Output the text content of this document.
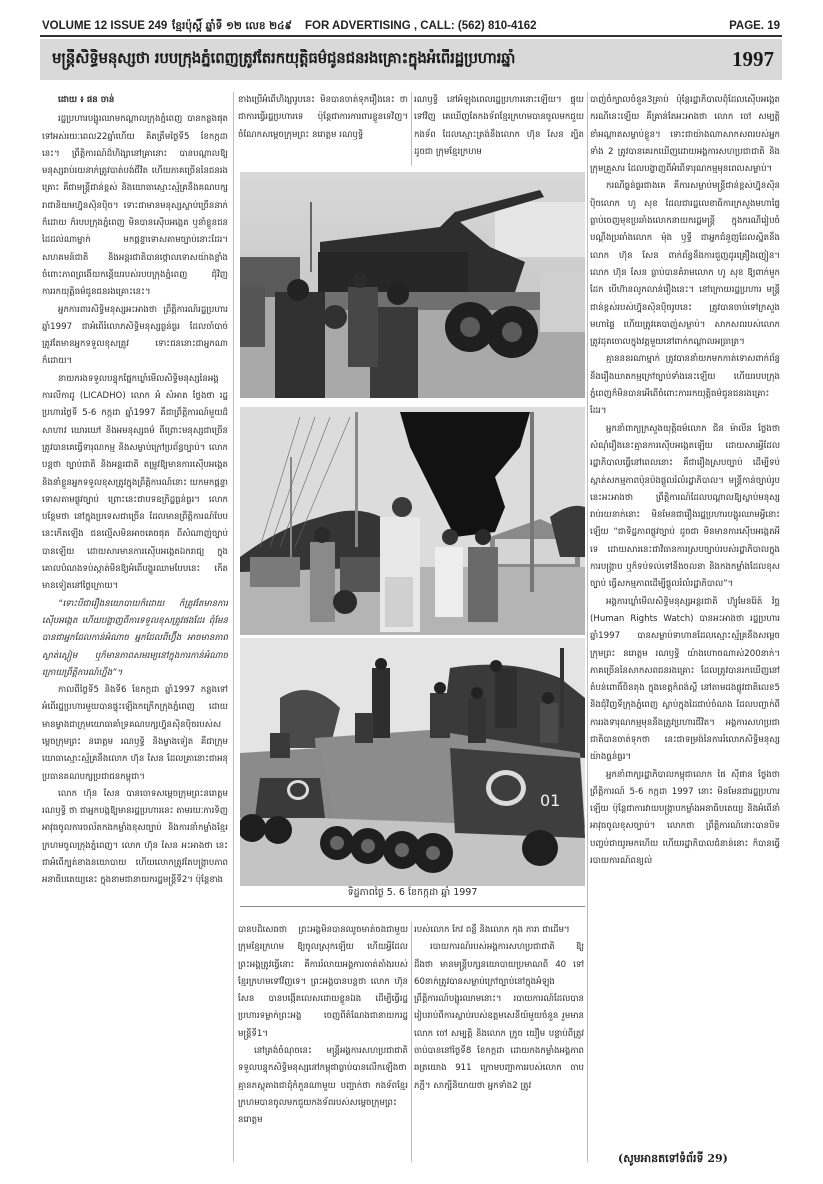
VOLUME 12 ISSUE 249 ខ្មែរប៉ុស្តិ៍ ឆ្នាំទី ១២ លេខ ២៤៩ FOR ADVERTISING , CALL: (562) 810-4162	PAGE. 19
មន្ត្រីសិទ្ធិមនុស្សថា របបក្រុងភ្នំពេញត្រូវតែរកយុត្តិធម៌ជូនជនរងគ្រោះក្នុងអំពើរដ្ឋប្រហារឆ្នាំ	1997

ដោយ ៖ ផន ចាន់

រដ្ឋប្រហារបង្ហូរឈាមកណ្តាលក្រុងភ្នំពេញ បានកន្លងផុតទៅអស់រយៈពេល22ឆ្នាំហើយ គិតត្រឹមថ្ងៃទី5 ខែកក្កដានេះ។ ព្រឹត្តិការណ៍ដ៏ហិង្សានៅគ្រានោះ បានបណ្តាលឱ្យមនុស្សរាប់រយនាក់ត្រូវបាត់បង់ជីវិត ហើយភាគច្រើននៃជនរងគ្រោះ គឺជាមន្ត្រីជាន់ខ្ពស់ និងយោធាស្មោះស្ម័គ្រនឹងគណបក្សរាជានិយមហ្វ៊ុនស៊ិនប៉ិច។ ទោះជាមានមនុស្សស្លាប់ច្រើននាក់ក៏ដោយ ក៏របបក្រុងភ្នំពេញ មិនបានស៊ើបអង្កេត ឬនាំខ្លួនជនដៃដល់ណាម្នាក់ មកផ្តន្ទាទោសតាមច្បាប់នោះដែរ។ សហគមន៍ជាតិ និងអន្តរជាតិបានថ្កោលទោសយ៉ាងខ្លាំងចំពោះភាពព្រងើយកន្តើយរបស់របបក្រុងភ្នំពេញ ជុំវិញការរកយុត្តិធម៌ជូនជនរងគ្រោះនេះ។

អ្នកការពារសិទ្ធិមនុស្សអះអាងថា ព្រឹត្តិការណ៍រដ្ឋប្រហារឆ្នាំ1997 ជាអំពើរំលោភសិទ្ធិមនុស្សធ្ងន់ធ្ងរ ដែលចាំបាច់ត្រូវតែមានអ្នកទទួលខុសត្រូវ ទោះជននោះជាអ្នកណាក៏ដោយ។

នាយករងទទួលបន្ទុកផ្នែកឃ្លាំមើលសិទ្ធិមនុស្សនៃអង្គការលីកាដូ (LICADHO) លោក អំ សំអាត ថ្លែងថា រដ្ឋប្រហារថ្ងៃទី 5-6 កក្កដា ឆ្នាំ1997 គឺជាព្រឹត្តិការណ៍មួយដ៏សាហាវ ឃោរឃៅ និងអមនុស្សធម៌ ពីព្រោះមនុស្សជាច្រើនត្រូវបានគេធ្វើទារុណកម្ម និងសម្លាប់ក្រៅប្រព័ន្ធច្បាប់។ លោកបន្តថា ច្បាប់ជាតិ និងអន្តរជាតិ តម្រូវឱ្យមានការស៊ើបអង្កេត និងនាំខ្លួនអ្នកទទួលខុសត្រូវក្នុងព្រឹត្តិការណ៍នោះ យកមកផ្តន្ទាទោសតាមផ្លូវច្បាប់ ព្រោះនេះជាបទឧក្រិដ្ឋធ្ងន់ធ្ងរ។ លោកបន្ថែមថា នៅក្នុងប្រទេសជាច្រើន ដែលមានព្រឹត្តិការណ៍បែបនេះកើតឡើង ជនល្មើសមិនអាចគេចផុត ពីសំណាញ់ច្បាប់បានឡើយ ដោយសារមានការស៊ើបអង្កេតឯករាជ្យ ក្នុងគោលបំណងទប់ស្កាត់មិនឱ្យអំពើបង្ហូរឈាមបែបនេះ កើតមានទៀតនៅថ្ងៃក្រោយ។

“ទោះបីជារឿងនយោបាយក៏ដោយ ក៏ត្រូវតែមានការស៊ើបអង្កេត ហើយបង្ហាញពីការទទួលខុសត្រូវផងដែរ ពុំមែនបានជាអ្នកដែលកាន់អំណាច អ្នកដែលពីហ្វ៊ឹង អាចមានភាពស្ងាត់ស្ងៀម ឬក៏មានភាពសមរម្យនៅក្នុងការកាន់អំណាចក្រោយព្រឹត្តិការណ៍ហ្នឹង”។

កាលពីថ្ងៃទី5 និងទី6 ខែកក្កដា ឆ្នាំ1997 កន្លងទៅ អំពើរដ្ឋប្រហារមួយបានផ្ទុះឡើងកក្រើកក្រុងភ្នំពេញ ដោយមានម្ខាងជាក្រុមយោធាគាំទ្រគណបក្សហ្វ៊ុនស៊ិនប៉ិចរបស់សម្តេចក្រុមព្រះ នរោត្តម រណឫទ្ធិ និងម្ខាងទៀត គឺជាក្រុមយោធាស្មោះស្ម័គ្រនឹងលោក ហ៊ុន សែន ដែលគ្រានោះជាអនុប្រធានគណបក្សប្រជាជនកម្ពុជា។

លោក ហ៊ុន សែន បានចោទសម្តេចក្រុមព្រះនរោត្តម រណឫទ្ធិ ថា ជាអ្នកបង្កឱ្យមានរដ្ឋប្រហារនេះ តាមរយៈការទិញអាវុធចូលការចល័តកងកម្លាំងខុសច្បាប់ និងការនាំកម្លាំងខ្មែរក្រហមចូលក្រុងភ្នំពេញ។ លោក ហ៊ុន សែន អះអាងថា នេះជាអំពើក្បត់ខាងនយោបាយ ហើយលោកត្រូវតែបង្ក្រាបភាពអនាធិបតេយ្យនេះ ក្នុងនាមជានាយករដ្ឋមន្ត្រីទី2។ ប៉ុន្តែខាង

ខាងប្រើអំពើហិង្សារូបនេះ មិនបានចាត់ទុករឿងនេះ ថាជាការធ្វើរដ្ឋប្រហារទេ ប៉ុន្តែជាការការពារខ្លួនទេវិញ។ ចំណែកសម្តេចក្រុមព្រះ នរោត្តម រណឫទ្ធិ

រណឫទ្ធិ នៅអំឡុងពេលរដ្ឋប្រហារនោះឡើយ។ ផ្ទុយទៅវិញ គេឃើញតែកងទ័ពខ្មែរក្រហមបានចូលមកជួយកងទ័ព ដែលស្មោះត្រង់នឹងលោក ហ៊ុន សែន ត្បិតដូចជា ក្រុមខ្មែរក្រហម

01
ទិដ្ឋភាពថ្ងៃ 5. 6 ខែកក្កដា ឆ្នាំ 1997

បានបដិសេធថា ព្រះអង្គមិនបានឈូចមាត់ចងជាមួយក្រុមខ្មែរក្រហម ឱ្យចូលស្រុកឡើយ ហើយអ្វីដែលព្រះអង្គត្រូវធ្វើនោះ គឺការរំលាយអង្គការចាត់តាំងរបស់ខ្មែរក្រហមទៅវិញទេ។ ព្រះអង្គបានបន្តថា លោក ហ៊ុន សែន បានបង្កើតលេសដោយខ្លួនឯង ដើម្បីធ្វើរដ្ឋប្រហារទម្លាក់ព្រះអង្គ ចេញពីតំណែងជានាយករដ្ឋមន្ត្រីទី1។

នៅត្រង់ចំណុចនេះ មន្ត្រីអង្គការសហប្រជាជាតិទទួលបន្ទុកសិទ្ធិមនុស្សនៅកម្ពុជាធ្លាប់បានលើកឡើងថា គ្មានភស្តុតាងជាដុំកំភួនណាមួយ បញ្ជាក់ថា កងទ័ពខ្មែរក្រហមបានចូលមកជួយកងទ័ពរបស់សម្តេចក្រុមព្រះ នរោត្តម

របស់លោក កែវ ពន្លឺ និងលោក កុង ភារា ជាដើម។

របាយការណ៍របស់អង្គការសហប្រជាជាតិ ឱ្យដឹងថា មានមន្ត្រីបក្សនយោបាយប្រមាណពី 40 ទៅ 60នាក់ត្រូវបានសម្លាប់ក្រៅច្បាប់នៅក្នុងអំឡុងព្រឹត្តិការណ៍បង្ហូរឈាមនោះ។ របាយការណ៍ដែលបានរៀបរាប់ពីការស្លាប់របស់ឧត្តមសេនីយ៍មួយចំនួន រួមមានលោក ចៅ សម្បត្តិ និងលោក ក្រូច យឿម បន្ទាប់ពីត្រូវចាប់បាននៅថ្ងៃទី8 ខែកក្កដា ដោយកងកម្លាំងអង្គភាពឆត្រយោង 911 ក្រោមបញ្ជាការរបស់លោក ចាប ភក្តី។ សាក្សីនិយាយថា អ្នកទាំង2 ត្រូវ

បាញ់ចំក្បាលចំនួន3គ្រាប់ ប៉ុន្តែរដ្ឋាភិបាលពុំដែលស៊ើបអង្កេតករណីនេះឡើយ គឺគ្រាន់តែអះអាងថា លោក ចៅ សម្បត្តិ ខាំអណ្តាតសម្លាប់ខ្លួន។ ទោះជាយ៉ាងណាសាកសពរបស់អ្នកទាំង 2 ត្រូវបានគេរកឃើញដោយអង្គការសហប្រជាជាតិ និងក្រុមគ្រួសារ ដែលបង្ហាញពីអំពើទារុណកម្មមុនពេលសម្លាប់។

ករណីធ្ងន់ធ្ងរជាងគេ គឺការសម្លាប់មន្ត្រីជាន់ខ្ពស់ហ្វ៊ុនស៊ិនប៉ិចលោក ហូ សុខ ដែលជារដ្ឋលេខាធិការក្រសួងមហាផ្ទៃ ធ្លាប់ចេញមុខប្រឆាំងលោកនាយករដ្ឋមន្ត្រី ក្នុងករណីរៀបចំបណ្តឹងប្រឆាំងលោក ម៉ុង ឫទ្ធី ជាអ្នកជំនួញដែលស្និតនឹងលោក ហ៊ុន សែន ពាក់ព័ន្ធនឹងការជួញដូរគ្រឿងញៀន។ លោក ហ៊ុន សែន ធ្លាប់បានគំរាមលោក ហូ សុខ ឱ្យពាក់មួកដែក បើហ៊ានលូកលាន់រឿងនេះ។ នៅក្រោយរដ្ឋប្រហារ មន្ត្រីជាន់ខ្ពស់របស់ហ្វ៊ុនស៊ិនប៉ិចរូបនេះ ត្រូវបានចាប់ទៅក្រសួងមហាផ្ទៃ ហើយត្រូវគេបាញ់សម្លាប់។ សាកសពរបស់លោកត្រូវដុតចោលក្នុងវត្តមួយនៅពាក់កណ្តាលអធ្រាត្រ។

គ្មានននរណាម្នាក់ ត្រូវបាននាំយកមកកាត់ទោសពាក់ព័ន្ធនឹងរឿងឃាតកម្មក្រៅច្បាប់ទាំងនេះឡើយ ហើយរបបក្រុងភ្នំពេញក៏មិនបានអើពើចំពោះការរកយុត្តិធម៌ជូនជនរងគ្រោះដែរ។

អ្នកនាំពាក្យក្រសួងយុត្តិធម៌លោក ជិន ម៉ាលីន ថ្លែងថា សំណុំរឿងនេះគ្មានការស៊ើបអង្កេតឡើយ ដោយសារអ្វីដែលរដ្ឋាភិបាលធ្វើនៅពេលនោះ គឺជារឿងស្របច្បាប់ ដើម្បីទប់ស្កាត់សកម្មភាពប៉ុនប៉ងផ្តួលរំលំរដ្ឋាភិបាល។ មន្ត្រីកាន់ច្បាប់រូបនេះអះអាងថា ព្រឹត្តិការណ៍ដែលបណ្តាលឱ្យស្លាប់មនុស្សរាប់រយនាក់នោះ មិនមែនជារឿងរដ្ឋប្រហារបង្ហូរឈាមអ្វីនោះឡើយ “ជាទិដ្ឋភាពផ្លូវច្បាប់ ដូចជា មិនមានការស៊ើបអង្កេតអីទេ ដោយសារនេះជាវិធានការស្របច្បាប់របស់រដ្ឋាភិបាលក្នុងការបង្ក្រាប ឬក៏ទប់ទល់ទៅនឹងចលនា និងកងកម្លាំងដែលខុសច្បាប់ ធ្វើសកម្មភាពដើម្បីផ្តួលរំលំរដ្ឋាភិបាល”។

អង្គការឃ្លាំមើលសិទ្ធិមនុស្សអន្តរជាតិ ហ៊្យូមែនរ៉ៃត៍ វ៉ច្ឆ (Human Rights Watch) បានអះអាងថា រដ្ឋប្រហារឆ្នាំ1997 បានសម្លាប់ទាហានដែលស្មោះស្ម័គ្រនឹងសម្តេច ក្រុមព្រះ នរោត្តម រណឫទ្ធិ យ៉ាងហោចណាស់200នាក់។ ភាគច្រើននៃសាកសពជនរងគ្រោះ ដែលត្រូវបានរកឃើញនៅតំបន់ពោធិ៍ចិនតុង ក្នុងខេត្តកំពង់ស្ពឺ នៅតាមដងផ្លូវជាតិលេខ5 និងជុំវិញទីក្រុងភ្នំពេញ ស្លាប់ក្នុងដៃជាប់ចំណង ដែលបញ្ជាក់ពីការរងទារុណកម្មមុននឹងត្រូវប្រហារជីវិត។ អង្គការសហប្រជាជាតិបានចាត់ទុកថា នេះជាទម្រង់នៃការរំលោភសិទ្ធិមនុស្សយ៉ាងធ្ងន់ធ្ងរ។

អ្នកនាំពាក្យរដ្ឋាភិបាលកម្ពុជាលោក ផៃ ស៊ីផាន ថ្លែងថា ព្រឹត្តិការណ៍ 5-6 កក្កដា 1997 នោះ មិនមែនជារដ្ឋប្រហារឡើយ ប៉ុន្តែជាការវាយបង្ក្រាបកម្លាំងអនាធិបតេយ្យ និងអំពើនាំអាវុធចូលខុសច្បាប់។ លោកថា ព្រឹត្តិការណ៍នោះបានបិទបញ្ចប់ជាយូរមកហើយ ហើយរដ្ឋាភិបាលជំនាន់នោះ ក៏បានធ្វើរបាយការណ៍ពន្យល់

(សូមអានតទៅទំព័រទី 29)
